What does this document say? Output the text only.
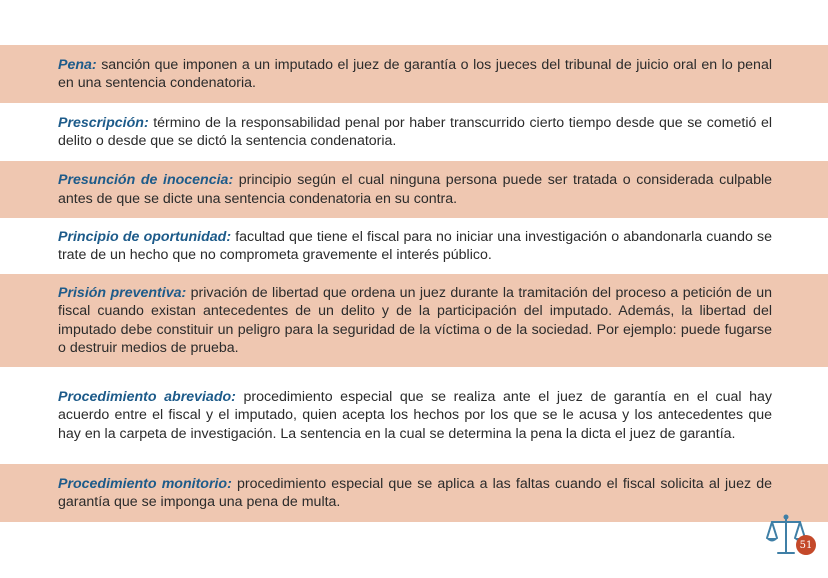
Pena: sanción que imponen a un imputado el juez de garantía o los jueces del tribunal de juicio oral en lo penal en una sentencia condenatoria.

Prescripción: término de la responsabilidad penal por haber transcurrido cierto tiempo desde que se cometió el delito o desde que se dictó la sentencia condenatoria.

Presunción de inocencia: principio según el cual ninguna persona puede ser tratada o considerada culpable antes de que se dicte una sentencia condenatoria en su contra.

Principio de oportunidad: facultad que tiene el fiscal para no iniciar una investigación o abandonarla cuando se trate de un hecho que no comprometa gravemente el interés público.

Prisión preventiva: privación de libertad que ordena un juez durante la tramitación del proceso a petición de un fiscal cuando existan antecedentes de un delito y de la participación del imputado. Además, la libertad del imputado debe constituir un peligro para la seguridad de la víctima o de la sociedad. Por ejemplo: puede fugarse o destruir medios de prueba.

Procedimiento abreviado: procedimiento especial que se realiza ante el juez de garantía en el cual hay acuerdo entre el fiscal y el imputado, quien acepta los hechos por los que se le acusa y los antecedentes que hay en la carpeta de investigación. La sentencia en la cual se determina la pena la dicta el juez de garantía.

Procedimiento monitorio: procedimiento especial que se aplica a las faltas cuando el fiscal solicita al juez de garantía que se imponga una pena de multa.

51
